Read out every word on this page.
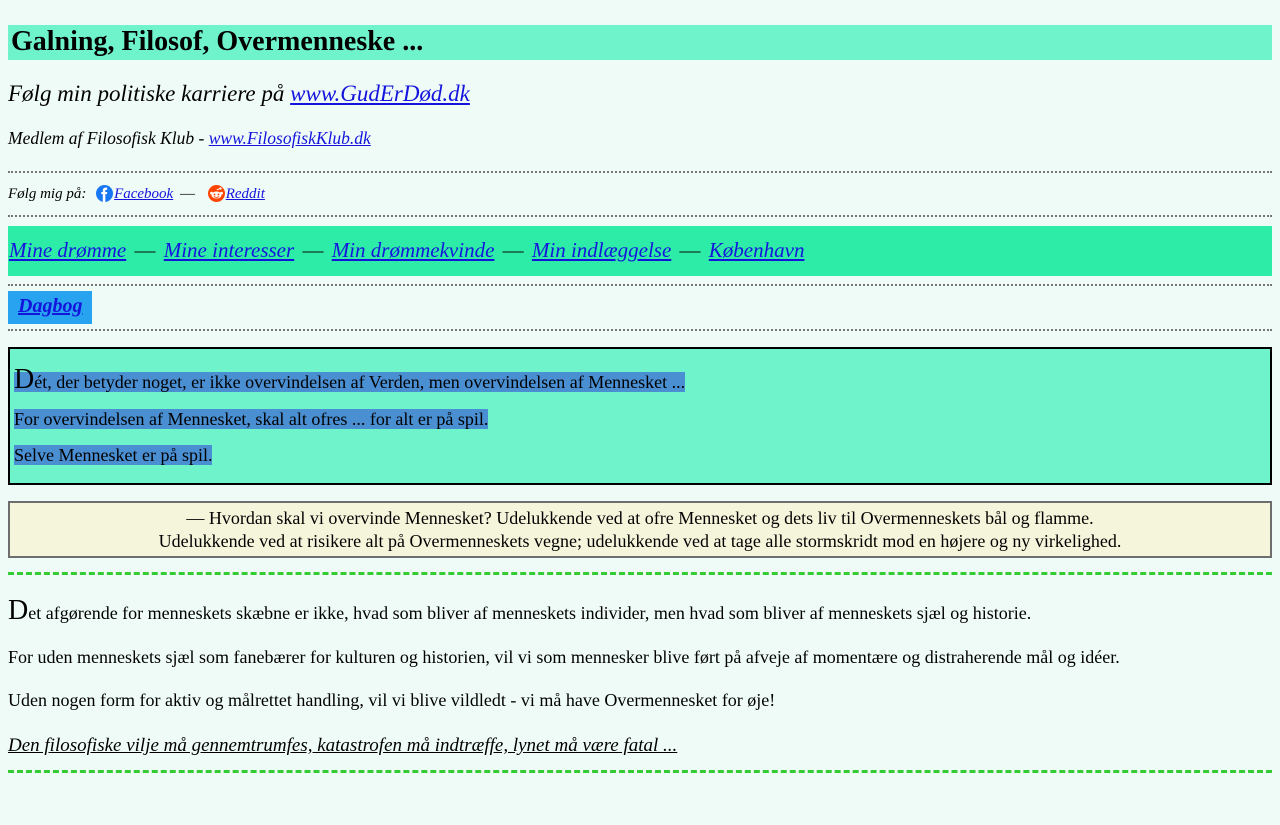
Galning, Filosof, Overmenneske ...

Følg min politiske karriere på www.GudErDød.dk

Medlem af Filosofisk Klub - www.FilosofiskKlub.dk

Følg mig på: Facebook — Reddit

Mine drømme — Mine interesser — Min drømmekvinde — Min indlæggelse — København

Dagbog

Dét, der betyder noget, er ikke overvindelsen af Verden, men overvindelsen af Mennesket ...

For overvindelsen af Mennesket, skal alt ofres ... for alt er på spil.

Selve Mennesket er på spil.

— Hvordan skal vi overvinde Mennesket? Udelukkende ved at ofre Mennesket og dets liv til Overmenneskets bål og flamme.
Udelukkende ved at risikere alt på Overmenneskets vegne; udelukkende ved at tage alle stormskridt mod en højere og ny virkelighed.

Det afgørende for menneskets skæbne er ikke, hvad som bliver af menneskets individer, men hvad som bliver af menneskets sjæl og historie.

For uden menneskets sjæl som fanebærer for kulturen og historien, vil vi som mennesker blive ført på afveje af momentære og distraherende mål og idéer.

Uden nogen form for aktiv og målrettet handling, vil vi blive vildledt - vi må have Overmennesket for øje!

Den filosofiske vilje må gennemtrumfes, katastrofen må indtræffe, lynet må være fatal ...
